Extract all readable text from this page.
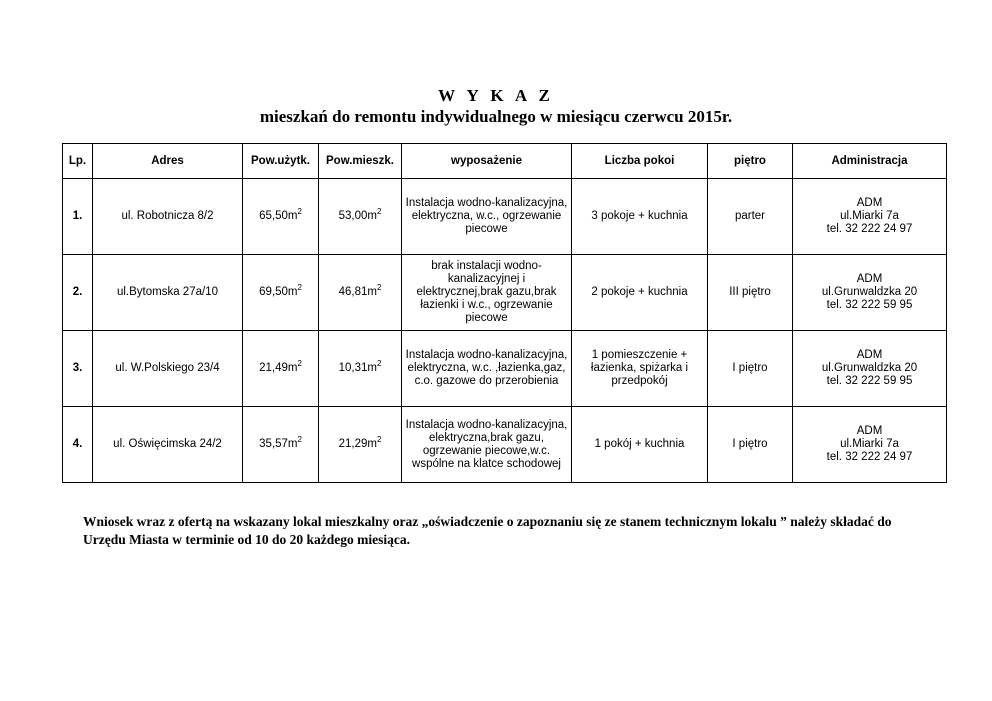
W Y K A Z
mieszkań do remontu indywidualnego w miesiącu czerwcu 2015r.
Lp.	Adres	Pow.użytk.	Pow.mieszk.	wyposażenie	Liczba pokoi	piętro	Administracja
1.	ul. Robotnicza 8/2	$65,50m^2$	$53,00m^2$	Instalacja wodno-kanalizacyjna, elektryczna, w.c., ogrzewanie piecowe	3 pokoje + kuchnia	parter	ADM
ul.Miarki 7a
tel. 32 222 24 97

2.	ul.Bytomska 27a/10	$69,50m^2$	$46,81m^2$	brak instalacji wodno-kanalizacyjnej i elektrycznej,brak gazu,brak łazienki i w.c., ogrzewanie piecowe	2 pokoje + kuchnia	III piętro	ADM
ul.Grunwaldzka 20
tel. 32 222 59 95

3.	ul. W.Polskiego 23/4	$21,49m^2$	$10,31m^2$	Instalacja wodno-kanalizacyjna, elektryczna, w.c. ,łazienka,gaz, c.o. gazowe do przerobienia	1 pomieszczenie + łazienka, spiżarka i przedpokój	I piętro	ADM
ul.Grunwaldzka 20
tel. 32 222 59 95

4.	ul. Oświęcimska 24/2	$35,57m^2$	$21,29m^2$	Instalacja wodno-kanalizacyjna, elektryczna,brak gazu, ogrzewanie piecowe,w.c. wspólne na klatce schodowej	1 pokój + kuchnia	I piętro	ADM
ul.Miarki 7a
tel. 32 222 24 97
Wniosek wraz z ofertą na wskazany lokal mieszkalny oraz „oświadczenie o zapoznaniu się ze stanem technicznym lokalu ” należy składać do Urzędu Miasta w terminie od 10 do 20 każdego miesiąca.
